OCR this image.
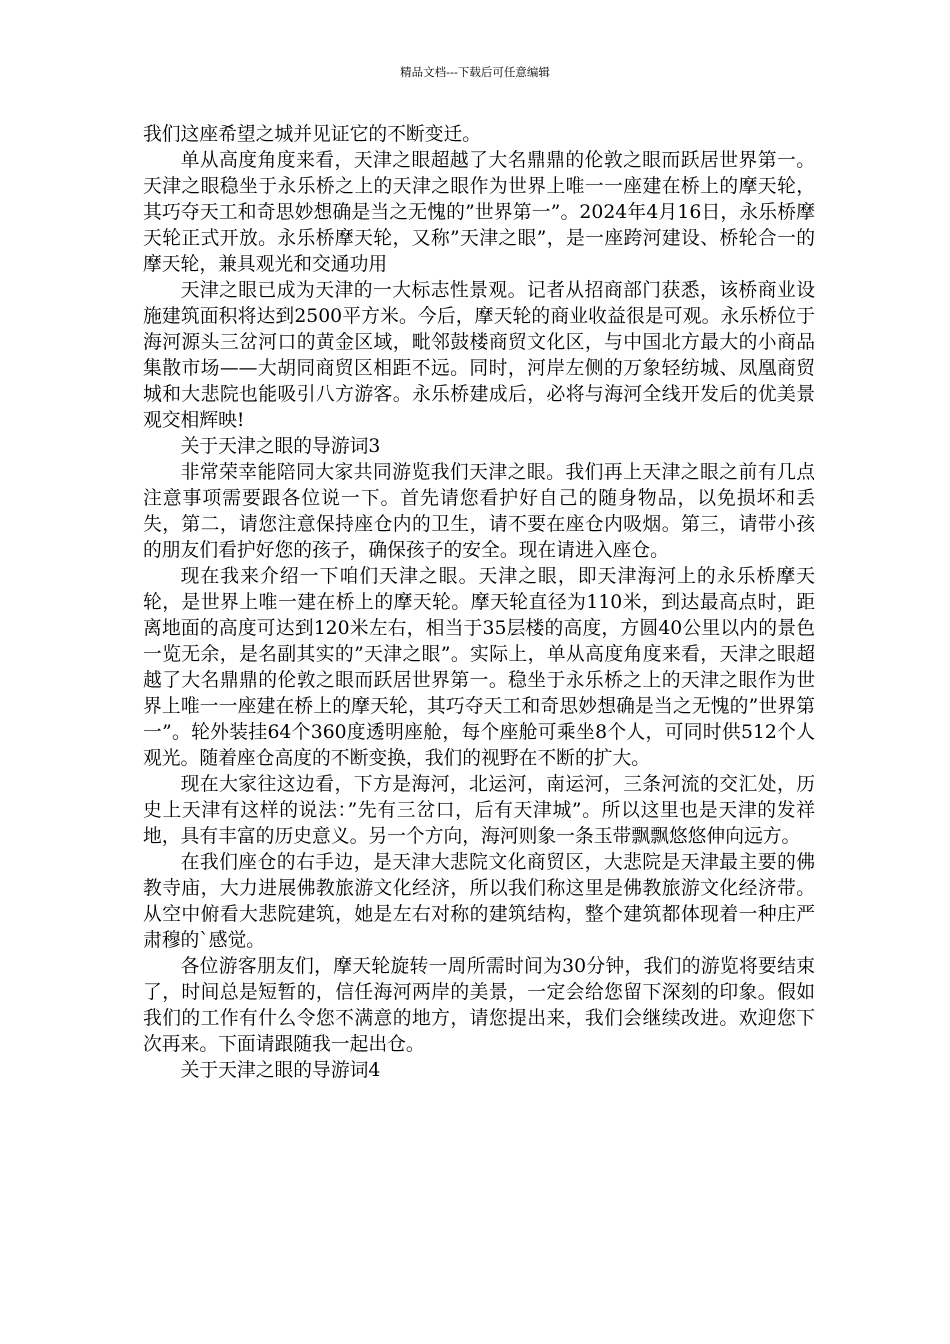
精品文档---下载后可任意编辑

我们这座希望之城并见证它的不断变迁。

单从高度角度来看，天津之眼超越了大名鼎鼎的伦敦之眼而跃居世界第一。天津之眼稳坐于永乐桥之上的天津之眼作为世界上唯一一座建在桥上的摩天轮，其巧夺天工和奇思妙想确是当之无愧的”世界第一”。2024年4月16日，永乐桥摩天轮正式开放。永乐桥摩天轮，又称”天津之眼”，是一座跨河建设、桥轮合一的摩天轮，兼具观光和交通功用

天津之眼已成为天津的一大标志性景观。记者从招商部门获悉，该桥商业设施建筑面积将达到2500平方米。今后，摩天轮的商业收益很是可观。永乐桥位于海河源头三岔河口的黄金区域，毗邻鼓楼商贸文化区，与中国北方最大的小商品集散市场——大胡同商贸区相距不远。同时，河岸左侧的万象轻纺城、凤凰商贸城和大悲院也能吸引八方游客。永乐桥建成后，必将与海河全线开发后的优美景观交相辉映!

关于天津之眼的导游词3

非常荣幸能陪同大家共同游览我们天津之眼。我们再上天津之眼之前有几点注意事项需要跟各位说一下。首先请您看护好自己的随身物品，以免损坏和丢失，第二，请您注意保持座仓内的卫生，请不要在座仓内吸烟。第三，请带小孩的朋友们看护好您的孩子，确保孩子的安全。现在请进入座仓。

现在我来介绍一下咱们天津之眼。天津之眼，即天津海河上的永乐桥摩天轮，是世界上唯一建在桥上的摩天轮。摩天轮直径为110米，到达最高点时，距离地面的高度可达到120米左右，相当于35层楼的高度，方圆40公里以内的景色一览无余，是名副其实的”天津之眼”。实际上，单从高度角度来看，天津之眼超越了大名鼎鼎的伦敦之眼而跃居世界第一。稳坐于永乐桥之上的天津之眼作为世界上唯一一座建在桥上的摩天轮，其巧夺天工和奇思妙想确是当之无愧的”世界第一”。轮外装挂64个360度透明座舱，每个座舱可乘坐8个人，可同时供512个人观光。随着座仓高度的不断变换，我们的视野在不断的扩大。

现在大家往这边看，下方是海河，北运河，南运河，三条河流的交汇处，历史上天津有这样的说法：”先有三岔口，后有天津城”。所以这里也是天津的发祥地，具有丰富的历史意义。另一个方向，海河则象一条玉带飘飘悠悠伸向远方。

在我们座仓的右手边，是天津大悲院文化商贸区，大悲院是天津最主要的佛教寺庙，大力进展佛教旅游文化经济，所以我们称这里是佛教旅游文化经济带。从空中俯看大悲院建筑，她是左右对称的建筑结构，整个建筑都体现着一种庄严肃穆的`感觉。

各位游客朋友们，摩天轮旋转一周所需时间为30分钟，我们的游览将要结束了，时间总是短暂的，信任海河两岸的美景，一定会给您留下深刻的印象。假如我们的工作有什么令您不满意的地方，请您提出来，我们会继续改进。欢迎您下次再来。下面请跟随我一起出仓。

关于天津之眼的导游词4
